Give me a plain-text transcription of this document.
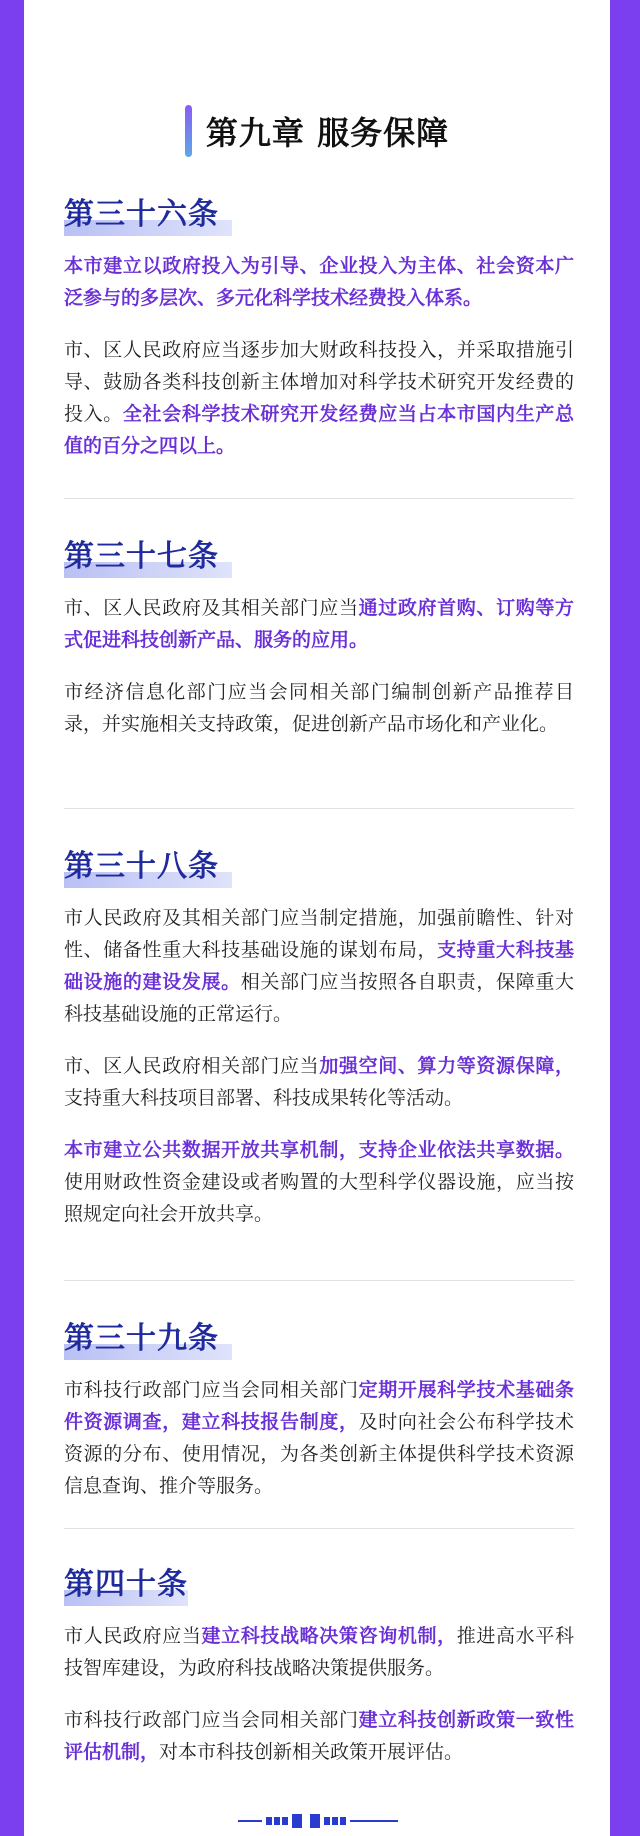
第九章 服务保障
第三十六条

本市建立以政府投入为引导、企业投入为主体、社会资本广泛参与的多层次、多元化科学技术经费投入体系。

市、区人民政府应当逐步加大财政科技投入，并采取措施引导、鼓励各类科技创新主体增加对科学技术研究开发经费的投入。全社会科学技术研究开发经费应当占本市国内生产总值的百分之四以上。

第三十七条

市、区人民政府及其相关部门应当通过政府首购、订购等方式促进科技创新产品、服务的应用。

市经济信息化部门应当会同相关部门编制创新产品推荐目录，并实施相关支持政策，促进创新产品市场化和产业化。

第三十八条

市人民政府及其相关部门应当制定措施，加强前瞻性、针对性、储备性重大科技基础设施的谋划布局，支持重大科技基础设施的建设发展。相关部门应当按照各自职责，保障重大科技基础设施的正常运行。

市、区人民政府相关部门应当加强空间、算力等资源保障，支持重大科技项目部署、科技成果转化等活动。

本市建立公共数据开放共享机制，支持企业依法共享数据。使用财政性资金建设或者购置的大型科学仪器设施，应当按照规定向社会开放共享。

第三十九条

市科技行政部门应当会同相关部门定期开展科学技术基础条件资源调查，建立科技报告制度，及时向社会公布科学技术资源的分布、使用情况，为各类创新主体提供科学技术资源信息查询、推介等服务。

第四十条

市人民政府应当建立科技战略决策咨询机制，推进高水平科技智库建设，为政府科技战略决策提供服务。

市科技行政部门应当会同相关部门建立科技创新政策一致性评估机制，对本市科技创新相关政策开展评估。
